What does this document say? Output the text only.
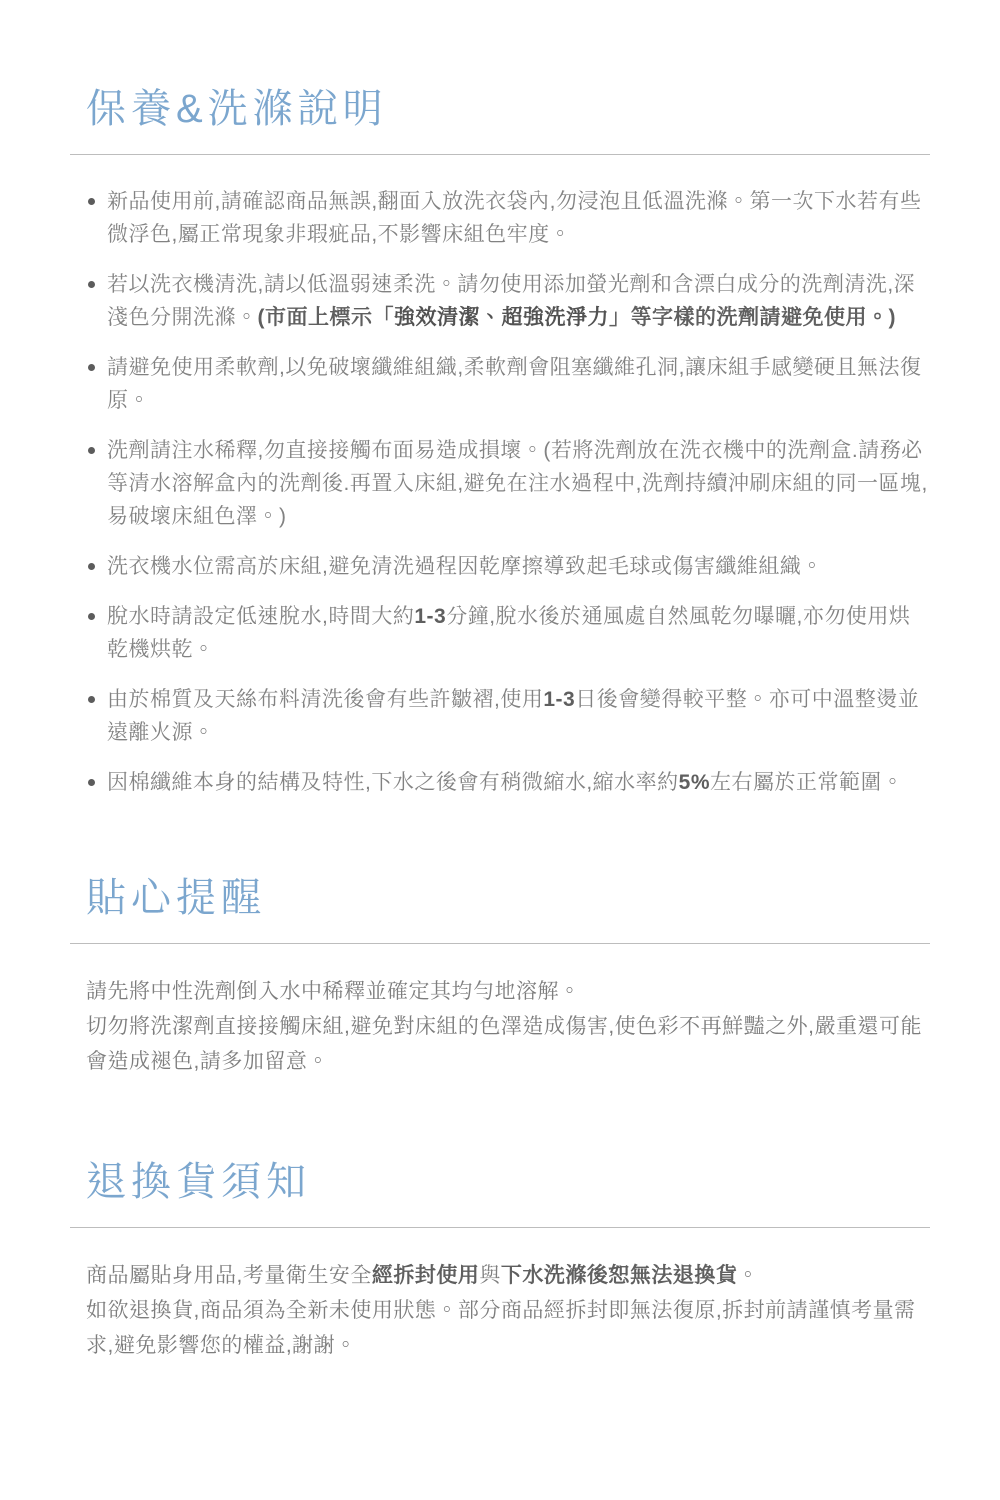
保養&洗滌說明
新品使用前,請確認商品無誤,翻面入放洗衣袋內,勿浸泡且低溫洗滌。第一次下水若有些微浮色,屬正常現象非瑕疵品,不影響床組色牢度。
若以洗衣機清洗,請以低溫弱速柔洗。請勿使用添加螢光劑和含漂白成分的洗劑清洗,深淺色分開洗滌。(市面上標示「強效清潔、超強洗淨力」等字樣的洗劑請避免使用。)
請避免使用柔軟劑,以免破壞纖維組織,柔軟劑會阻塞纖維孔洞,讓床組手感變硬且無法復原。
洗劑請注水稀釋,勿直接接觸布面易造成損壞。(若將洗劑放在洗衣機中的洗劑盒.請務必等清水溶解盒內的洗劑後.再置入床組,避免在注水過程中,洗劑持續沖刷床組的同一區塊, 易破壞床組色澤。)
洗衣機水位需高於床組,避免清洗過程因乾摩擦導致起毛球或傷害纖維組織。
脫水時請設定低速脫水,時間大約1-3分鐘,脫水後於通風處自然風乾勿曝曬,亦勿使用烘乾機烘乾。
由於棉質及天絲布料清洗後會有些許皺褶,使用1-3日後會變得較平整。亦可中溫整燙並遠離火源。
因棉纖維本身的結構及特性,下水之後會有稍微縮水,縮水率約5%左右屬於正常範圍。
貼心提醒
請先將中性洗劑倒入水中稀釋並確定其均勻地溶解。
切勿將洗潔劑直接接觸床組,避免對床組的色澤造成傷害,使色彩不再鮮豔之外,嚴重還可能會造成褪色,請多加留意。
退換貨須知
商品屬貼身用品,考量衛生安全經拆封使用與下水洗滌後恕無法退換貨。
如欲退換貨,商品須為全新未使用狀態。部分商品經拆封即無法復原,拆封前請謹慎考量需求,避免影響您的權益,謝謝。
